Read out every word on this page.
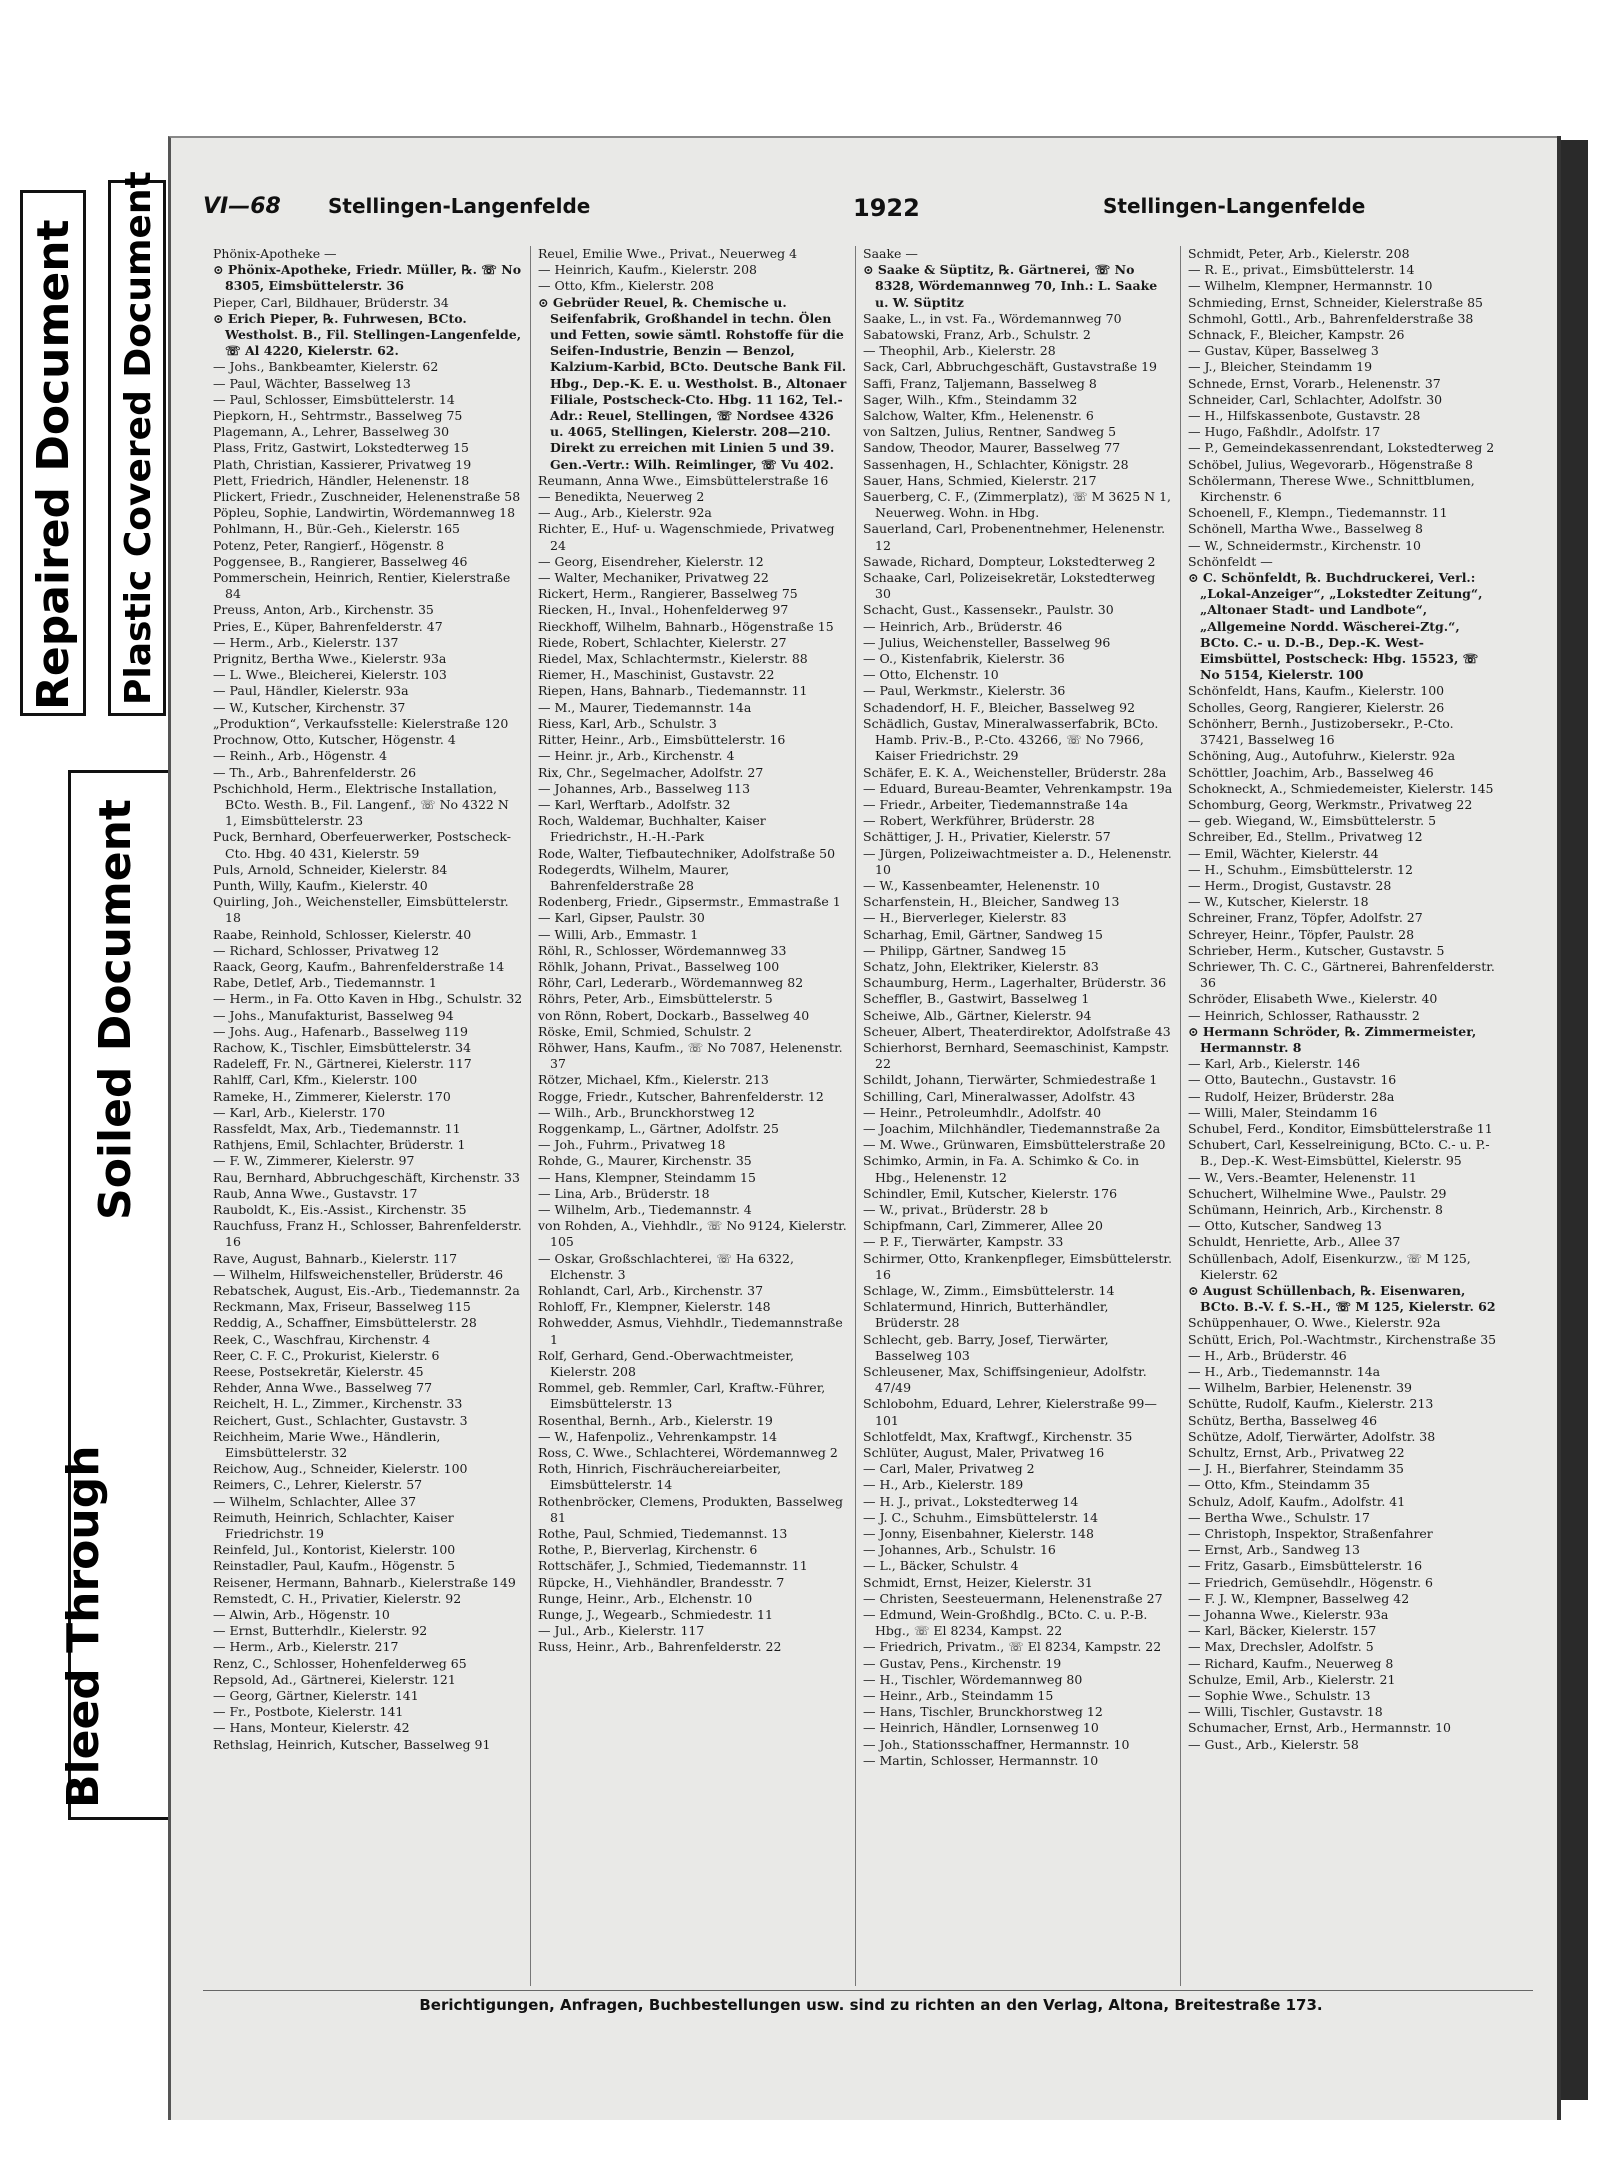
Repaired Document Plastic Covered Document
Soiled Document
Bleed Through
VI—68 Stellingen-Langenfelde	1922	Stellingen-Langenfelde

Phönix-Apotheke —

⊙ Phönix-Apotheke, Friedr. Müller, ℞. ☏ No 8305, Eimsbüttelerstr. 36

Pieper, Carl, Bildhauer, Brüderstr. 34

⊙ Erich Pieper, ℞. Fuhrwesen, BCto. Westholst. B., Fil. Stellingen-Langenfelde, ☏ Al 4220, Kielerstr. 62.

— Johs., Bankbeamter, Kielerstr. 62

— Paul, Wächter, Basselweg 13

— Paul, Schlosser, Eimsbüttelerstr. 14

Piepkorn, H., Sehtrmstr., Basselweg 75

Plagemann, A., Lehrer, Basselweg 30

Plass, Fritz, Gastwirt, Lokstedterweg 15

Plath, Christian, Kassierer, Privatweg 19

Plett, Friedrich, Händler, Helenenstr. 18

Plickert, Friedr., Zuschneider, Helenenstraße 58

Pöpleu, Sophie, Landwirtin, Wördemannweg 18

Pohlmann, H., Bür.-Geh., Kielerstr. 165

Potenz, Peter, Rangierf., Högenstr. 8

Poggensee, B., Rangierer, Basselweg 46

Pommerschein, Heinrich, Rentier, Kielerstraße 84

Preuss, Anton, Arb., Kirchenstr. 35

Pries, E., Küper, Bahrenfelderstr. 47

— Herm., Arb., Kielerstr. 137

Prignitz, Bertha Wwe., Kielerstr. 93a

— L. Wwe., Bleicherei, Kielerstr. 103

— Paul, Händler, Kielerstr. 93a

— W., Kutscher, Kirchenstr. 37

„Produktion“, Verkaufsstelle: Kielerstraße 120

Prochnow, Otto, Kutscher, Högenstr. 4

— Reinh., Arb., Högenstr. 4

— Th., Arb., Bahrenfelderstr. 26

Pschichhold, Herm., Elektrische Installation, BCto. Westh. B., Fil. Langenf., ☏ No 4322 N 1, Eimsbüttelerstr. 23

Puck, Bernhard, Oberfeuerwerker, Postscheck-Cto. Hbg. 40 431, Kielerstr. 59

Puls, Arnold, Schneider, Kielerstr. 84

Punth, Willy, Kaufm., Kielerstr. 40

Quirling, Joh., Weichensteller, Eimsbüttelerstr. 18

Raabe, Reinhold, Schlosser, Kielerstr. 40

— Richard, Schlosser, Privatweg 12

Raack, Georg, Kaufm., Bahrenfelderstraße 14

Rabe, Detlef, Arb., Tiedemannstr. 1

— Herm., in Fa. Otto Kaven in Hbg., Schulstr. 32

— Johs., Manufakturist, Basselweg 94

— Johs. Aug., Hafenarb., Basselweg 119

Rachow, K., Tischler, Eimsbüttelerstr. 34

Radeleff, Fr. N., Gärtnerei, Kielerstr. 117

Rahlff, Carl, Kfm., Kielerstr. 100

Rameke, H., Zimmerer, Kielerstr. 170

— Karl, Arb., Kielerstr. 170

Rassfeldt, Max, Arb., Tiedemannstr. 11

Rathjens, Emil, Schlachter, Brüderstr. 1

— F. W., Zimmerer, Kielerstr. 97

Rau, Bernhard, Abbruchgeschäft, Kirchenstr. 33

Raub, Anna Wwe., Gustavstr. 17

Rauboldt, K., Eis.-Assist., Kirchenstr. 35

Rauchfuss, Franz H., Schlosser, Bahrenfelderstr. 16

Rave, August, Bahnarb., Kielerstr. 117

— Wilhelm, Hilfsweichensteller, Brüderstr. 46

Rebatschek, August, Eis.-Arb., Tiedemannstr. 2a

Reckmann, Max, Friseur, Basselweg 115

Reddig, A., Schaffner, Eimsbüttelerstr. 28

Reek, C., Waschfrau, Kirchenstr. 4

Reer, C. F. C., Prokurist, Kielerstr. 6

Reese, Postsekretär, Kielerstr. 45

Rehder, Anna Wwe., Basselweg 77

Reichelt, H. L., Zimmer., Kirchenstr. 33

Reichert, Gust., Schlachter, Gustavstr. 3

Reichheim, Marie Wwe., Händlerin, Eimsbüttelerstr. 32

Reichow, Aug., Schneider, Kielerstr. 100

Reimers, C., Lehrer, Kielerstr. 57

— Wilhelm, Schlachter, Allee 37

Reimuth, Heinrich, Schlachter, Kaiser Friedrichstr. 19

Reinfeld, Jul., Kontorist, Kielerstr. 100

Reinstadler, Paul, Kaufm., Högenstr. 5

Reisener, Hermann, Bahnarb., Kielerstraße 149

Remstedt, C. H., Privatier, Kielerstr. 92

— Alwin, Arb., Högenstr. 10

— Ernst, Butterhdlr., Kielerstr. 92

— Herm., Arb., Kielerstr. 217

Renz, C., Schlosser, Hohenfelderweg 65

Repsold, Ad., Gärtnerei, Kielerstr. 121

— Georg, Gärtner, Kielerstr. 141

— Fr., Postbote, Kielerstr. 141

— Hans, Monteur, Kielerstr. 42

Rethslag, Heinrich, Kutscher, Basselweg 91

Reuel, Emilie Wwe., Privat., Neuerweg 4

— Heinrich, Kaufm., Kielerstr. 208

— Otto, Kfm., Kielerstr. 208

⊙ Gebrüder Reuel, ℞. Chemische u. Seifenfabrik, Großhandel in techn. Ölen und Fetten, sowie sämtl. Rohstoffe für die Seifen-Industrie, Benzin — Benzol, Kalzium-Karbid, BCto. Deutsche Bank Fil. Hbg., Dep.-K. E. u. Westholst. B., Altonaer Filiale, Postscheck-Cto. Hbg. 11 162, Tel.-Adr.: Reuel, Stellingen, ☏ Nordsee 4326 u. 4065, Stellingen, Kielerstr. 208—210. Direkt zu erreichen mit Linien 5 und 39. Gen.-Vertr.: Wilh. Reimlinger, ☏ Vu 402.

Reumann, Anna Wwe., Eimsbüttelerstraße 16

— Benedikta, Neuerweg 2

— Aug., Arb., Kielerstr. 92a

Richter, E., Huf- u. Wagenschmiede, Privatweg 24

— Georg, Eisendreher, Kielerstr. 12

— Walter, Mechaniker, Privatweg 22

Rickert, Herm., Rangierer, Basselweg 75

Riecken, H., Inval., Hohenfelderweg 97

Rieckhoff, Wilhelm, Bahnarb., Högenstraße 15

Riede, Robert, Schlachter, Kielerstr. 27

Riedel, Max, Schlachtermstr., Kielerstr. 88

Riemer, H., Maschinist, Gustavstr. 22

Riepen, Hans, Bahnarb., Tiedemannstr. 11

— M., Maurer, Tiedemannstr. 14a

Riess, Karl, Arb., Schulstr. 3

Ritter, Heinr., Arb., Eimsbüttelerstr. 16

— Heinr. jr., Arb., Kirchenstr. 4

Rix, Chr., Segelmacher, Adolfstr. 27

— Johannes, Arb., Basselweg 113

— Karl, Werftarb., Adolfstr. 32

Roch, Waldemar, Buchhalter, Kaiser Friedrichstr., H.-H.-Park

Rode, Walter, Tiefbautechniker, Adolfstraße 50

Rodegerdts, Wilhelm, Maurer, Bahrenfelderstraße 28

Rodenberg, Friedr., Gipsermstr., Emmastraße 1

— Karl, Gipser, Paulstr. 30

— Willi, Arb., Emmastr. 1

Röhl, R., Schlosser, Wördemannweg 33

Röhlk, Johann, Privat., Basselweg 100

Röhr, Carl, Lederarb., Wördemannweg 82

Röhrs, Peter, Arb., Eimsbüttelerstr. 5

von Rönn, Robert, Dockarb., Basselweg 40

Röske, Emil, Schmied, Schulstr. 2

Röhwer, Hans, Kaufm., ☏ No 7087, Helenenstr. 37

Rötzer, Michael, Kfm., Kielerstr. 213

Rogge, Friedr., Kutscher, Bahrenfelderstr. 12

— Wilh., Arb., Brunckhorstweg 12

Roggenkamp, L., Gärtner, Adolfstr. 25

— Joh., Fuhrm., Privatweg 18

Rohde, G., Maurer, Kirchenstr. 35

— Hans, Klempner, Steindamm 15

— Lina, Arb., Brüderstr. 18

— Wilhelm, Arb., Tiedemannstr. 4

von Rohden, A., Viehhdlr., ☏ No 9124, Kielerstr. 105

— Oskar, Großschlachterei, ☏ Ha 6322, Elchenstr. 3

Rohlandt, Carl, Arb., Kirchenstr. 37

Rohloff, Fr., Klempner, Kielerstr. 148

Rohwedder, Asmus, Viehhdlr., Tiedemannstraße 1

Rolf, Gerhard, Gend.-Oberwachtmeister, Kielerstr. 208

Rommel, geb. Remmler, Carl, Kraftw.-Führer, Eimsbüttelerstr. 13

Rosenthal, Bernh., Arb., Kielerstr. 19

— W., Hafenpoliz., Vehrenkampstr. 14

Ross, C. Wwe., Schlachterei, Wördemannweg 2

Roth, Hinrich, Fischräuchereiarbeiter, Eimsbüttelerstr. 14

Rothenbröcker, Clemens, Produkten, Basselweg 81

Rothe, Paul, Schmied, Tiedemannst. 13

Rothe, P., Bierverlag, Kirchenstr. 6

Rottschäfer, J., Schmied, Tiedemannstr. 11

Rüpcke, H., Viehhändler, Brandesstr. 7

Runge, Heinr., Arb., Elchenstr. 10

Runge, J., Wegearb., Schmiedestr. 11

— Jul., Arb., Kielerstr. 117

Russ, Heinr., Arb., Bahrenfelderstr. 22

Saake —

⊙ Saake & Süptitz, ℞. Gärtnerei, ☏ No 8328, Wördemannweg 70, Inh.: L. Saake u. W. Süptitz

Saake, L., in vst. Fa., Wördemannweg 70

Sabatowski, Franz, Arb., Schulstr. 2

— Theophil, Arb., Kielerstr. 28

Sack, Carl, Abbruchgeschäft, Gustavstraße 19

Saffi, Franz, Taljemann, Basselweg 8

Sager, Wilh., Kfm., Steindamm 32

Salchow, Walter, Kfm., Helenenstr. 6

von Saltzen, Julius, Rentner, Sandweg 5

Sandow, Theodor, Maurer, Basselweg 77

Sassenhagen, H., Schlachter, Königstr. 28

Sauer, Hans, Schmied, Kielerstr. 217

Sauerberg, C. F., (Zimmerplatz), ☏ M 3625 N 1, Neuerweg. Wohn. in Hbg.

Sauerland, Carl, Probenentnehmer, Helenenstr. 12

Sawade, Richard, Dompteur, Lokstedterweg 2

Schaake, Carl, Polizeisekretär, Lokstedterweg 30

Schacht, Gust., Kassensekr., Paulstr. 30

— Heinrich, Arb., Brüderstr. 46

— Julius, Weichensteller, Basselweg 96

— O., Kistenfabrik, Kielerstr. 36

— Otto, Elchenstr. 10

— Paul, Werkmstr., Kielerstr. 36

Schadendorf, H. F., Bleicher, Basselweg 92

Schädlich, Gustav, Mineralwasserfabrik, BCto. Hamb. Priv.-B., P.-Cto. 43266, ☏ No 7966, Kaiser Friedrichstr. 29

Schäfer, E. K. A., Weichensteller, Brüderstr. 28a

— Eduard, Bureau-Beamter, Vehrenkampstr. 19a

— Friedr., Arbeiter, Tiedemannstraße 14a

— Robert, Werkführer, Brüderstr. 28

Schättiger, J. H., Privatier, Kielerstr. 57

— Jürgen, Polizeiwachtmeister a. D., Helenenstr. 10

— W., Kassenbeamter, Helenenstr. 10

Scharfenstein, H., Bleicher, Sandweg 13

— H., Bierverleger, Kielerstr. 83

Scharhag, Emil, Gärtner, Sandweg 15

— Philipp, Gärtner, Sandweg 15

Schatz, John, Elektriker, Kielerstr. 83

Schaumburg, Herm., Lagerhalter, Brüderstr. 36

Scheffler, B., Gastwirt, Basselweg 1

Scheiwe, Alb., Gärtner, Kielerstr. 94

Scheuer, Albert, Theaterdirektor, Adolfstraße 43

Schierhorst, Bernhard, Seemaschinist, Kampstr. 22

Schildt, Johann, Tierwärter, Schmiedestraße 1

Schilling, Carl, Mineralwasser, Adolfstr. 43

— Heinr., Petroleumhdlr., Adolfstr. 40

— Joachim, Milchhändler, Tiedemannstraße 2a

— M. Wwe., Grünwaren, Eimsbüttelerstraße 20

Schimko, Armin, in Fa. A. Schimko & Co. in Hbg., Helenenstr. 12

Schindler, Emil, Kutscher, Kielerstr. 176

— W., privat., Brüderstr. 28 b

Schipfmann, Carl, Zimmerer, Allee 20

— P. F., Tierwärter, Kampstr. 33

Schirmer, Otto, Krankenpfleger, Eimsbüttelerstr. 16

Schlage, W., Zimm., Eimsbüttelerstr. 14

Schlatermund, Hinrich, Butterhändler, Brüderstr. 28

Schlecht, geb. Barry, Josef, Tierwärter, Basselweg 103

Schleusener, Max, Schiffsingenieur, Adolfstr. 47/49

Schlobohm, Eduard, Lehrer, Kielerstraße 99—101

Schlotfeldt, Max, Kraftwgf., Kirchenstr. 35

Schlüter, August, Maler, Privatweg 16

— Carl, Maler, Privatweg 2

— H., Arb., Kielerstr. 189

— H. J., privat., Lokstedterweg 14

— J. C., Schuhm., Eimsbüttelerstr. 14

— Jonny, Eisenbahner, Kielerstr. 148

— Johannes, Arb., Schulstr. 16

— L., Bäcker, Schulstr. 4

Schmidt, Ernst, Heizer, Kielerstr. 31

— Christen, Seesteuermann, Helenenstraße 27

— Edmund, Wein-Großhdlg., BCto. C. u. P.-B. Hbg., ☏ El 8234, Kampst. 22

— Friedrich, Privatm., ☏ El 8234, Kampstr. 22

— Gustav, Pens., Kirchenstr. 19

— H., Tischler, Wördemannweg 80

— Heinr., Arb., Steindamm 15

— Hans, Tischler, Brunckhorstweg 12

— Heinrich, Händler, Lornsenweg 10

— Joh., Stationsschaffner, Hermannstr. 10

— Martin, Schlosser, Hermannstr. 10

Schmidt, Peter, Arb., Kielerstr. 208

— R. E., privat., Eimsbüttelerstr. 14

— Wilhelm, Klempner, Hermannstr. 10

Schmieding, Ernst, Schneider, Kielerstraße 85

Schmohl, Gottl., Arb., Bahrenfelderstraße 38

Schnack, F., Bleicher, Kampstr. 26

— Gustav, Küper, Basselweg 3

— J., Bleicher, Steindamm 19

Schnede, Ernst, Vorarb., Helenenstr. 37

Schneider, Carl, Schlachter, Adolfstr. 30

— H., Hilfskassenbote, Gustavstr. 28

— Hugo, Faßhdlr., Adolfstr. 17

— P., Gemeindekassenrendant, Lokstedterweg 2

Schöbel, Julius, Wegevorarb., Högenstraße 8

Schölermann, Therese Wwe., Schnittblumen, Kirchenstr. 6

Schoenell, F., Klempn., Tiedemannstr. 11

Schönell, Martha Wwe., Basselweg 8

— W., Schneidermstr., Kirchenstr. 10

Schönfeldt —

⊙ C. Schönfeldt, ℞. Buchdruckerei, Verl.: „Lokal-Anzeiger“, „Lokstedter Zeitung“, „Altonaer Stadt- und Landbote“, „Allgemeine Nordd. Wäscherei-Ztg.“, BCto. C.- u. D.-B., Dep.-K. West-Eimsbüttel, Postscheck: Hbg. 15523, ☏ No 5154, Kielerstr. 100

Schönfeldt, Hans, Kaufm., Kielerstr. 100

Scholles, Georg, Rangierer, Kielerstr. 26

Schönherr, Bernh., Justizobersekr., P.-Cto. 37421, Basselweg 16

Schöning, Aug., Autofuhrw., Kielerstr. 92a

Schöttler, Joachim, Arb., Basselweg 46

Schokneckt, A., Schmiedemeister, Kielerstr. 145

Schomburg, Georg, Werkmstr., Privatweg 22

— geb. Wiegand, W., Eimsbüttelerstr. 5

Schreiber, Ed., Stellm., Privatweg 12

— Emil, Wächter, Kielerstr. 44

— H., Schuhm., Eimsbüttelerstr. 12

— Herm., Drogist, Gustavstr. 28

— W., Kutscher, Kielerstr. 18

Schreiner, Franz, Töpfer, Adolfstr. 27

Schreyer, Heinr., Töpfer, Paulstr. 28

Schrieber, Herm., Kutscher, Gustavstr. 5

Schriewer, Th. C. C., Gärtnerei, Bahrenfelderstr. 36

Schröder, Elisabeth Wwe., Kielerstr. 40

— Heinrich, Schlosser, Rathausstr. 2

⊙ Hermann Schröder, ℞. Zimmermeister, Hermannstr. 8

— Karl, Arb., Kielerstr. 146

— Otto, Bautechn., Gustavstr. 16

— Rudolf, Heizer, Brüderstr. 28a

— Willi, Maler, Steindamm 16

Schubel, Ferd., Konditor, Eimsbüttelerstraße 11

Schubert, Carl, Kesselreinigung, BCto. C.- u. P.-B., Dep.-K. West-Eimsbüttel, Kielerstr. 95

— W., Vers.-Beamter, Helenenstr. 11

Schuchert, Wilhelmine Wwe., Paulstr. 29

Schümann, Heinrich, Arb., Kirchenstr. 8

— Otto, Kutscher, Sandweg 13

Schuldt, Henriette, Arb., Allee 37

Schüllenbach, Adolf, Eisenkurzw., ☏ M 125, Kielerstr. 62

⊙ August Schüllenbach, ℞. Eisenwaren, BCto. B.-V. f. S.-H., ☏ M 125, Kielerstr. 62

Schüppenhauer, O. Wwe., Kielerstr. 92a

Schütt, Erich, Pol.-Wachtmstr., Kirchenstraße 35

— H., Arb., Brüderstr. 46

— H., Arb., Tiedemannstr. 14a

— Wilhelm, Barbier, Helenenstr. 39

Schütte, Rudolf, Kaufm., Kielerstr. 213

Schütz, Bertha, Basselweg 46

Schütze, Adolf, Tierwärter, Adolfstr. 38

Schultz, Ernst, Arb., Privatweg 22

— J. H., Bierfahrer, Steindamm 35

— Otto, Kfm., Steindamm 35

Schulz, Adolf, Kaufm., Adolfstr. 41

— Bertha Wwe., Schulstr. 17

— Christoph, Inspektor, Straßenfahrer

— Ernst, Arb., Sandweg 13

— Fritz, Gasarb., Eimsbüttelerstr. 16

— Friedrich, Gemüsehdlr., Högenstr. 6

— F. J. W., Klempner, Basselweg 42

— Johanna Wwe., Kielerstr. 93a

— Karl, Bäcker, Kielerstr. 157

— Max, Drechsler, Adolfstr. 5

— Richard, Kaufm., Neuerweg 8

Schulze, Emil, Arb., Kielerstr. 21

— Sophie Wwe., Schulstr. 13

— Willi, Tischler, Gustavstr. 18

Schumacher, Ernst, Arb., Hermannstr. 10

— Gust., Arb., Kielerstr. 58

Berichtigungen, Anfragen, Buchbestellungen usw. sind zu richten an den Verlag, Altona, Breitestraße 173.
